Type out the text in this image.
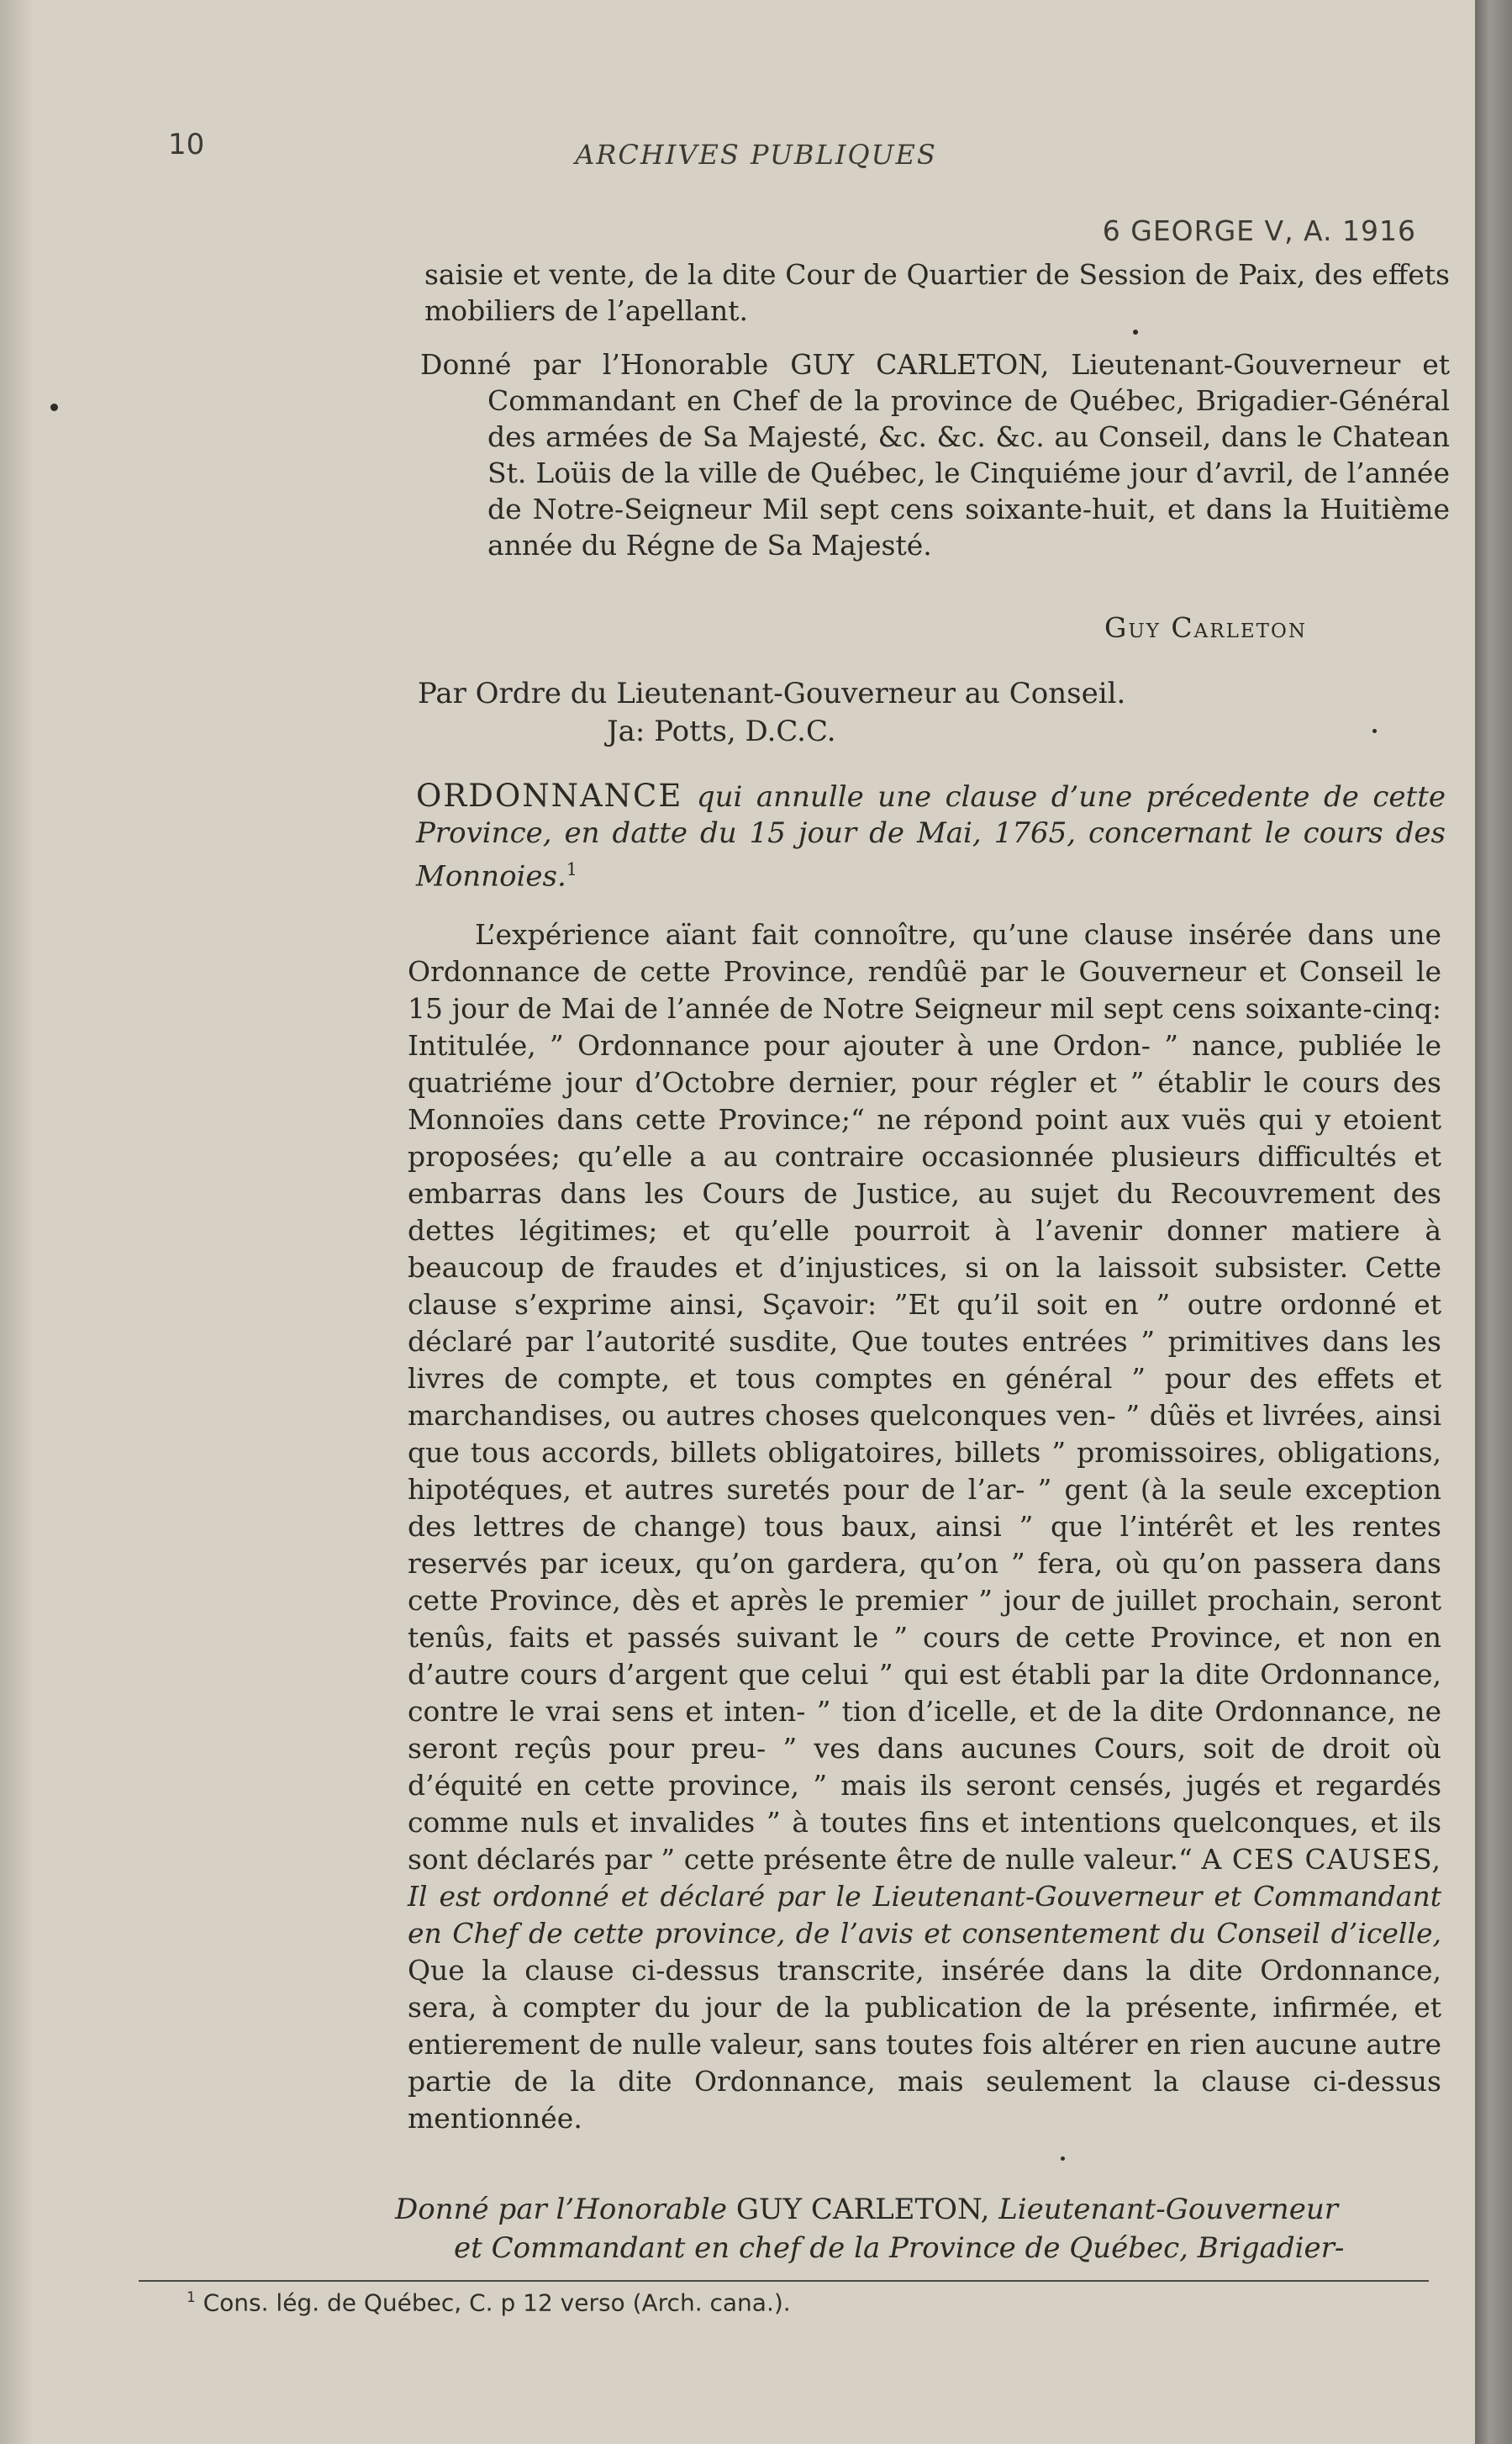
10	ARCHIVES PUBLIQUES
6 GEORGE V, A. 1916

saisie et vente, de la dite Cour de Quartier de Session de Paix, des effets mobiliers de l’apellant.

Donné par l’Honorable GUY CARLETON, Lieutenant-Gouverneur et Commandant en Chef de la province de Québec, Brigadier-Général des armées de Sa Majesté, &c. &c. &c. au Conseil, dans le Chatean St. Loüis de la ville de Québec, le Cinquiéme jour d’avril, de l’année de Notre-Seigneur Mil sept cens soixante-huit, et dans la Huitième année du Régne de Sa Majesté.

Guy Carleton
Par Ordre du Lieutenant-Gouverneur au Conseil.
Ja: Potts, D.C.C.

ORDONNANCE qui annulle une clause d’une précedente de cette Province, en datte du 15 jour de Mai, 1765, concernant le cours des Monnoies.$^1$

L’expérience aïant fait connoître, qu’une clause insérée dans une Ordonnance de cette Province, rendûë par le Gouverneur et Conseil le 15 jour de Mai de l’année de Notre Seigneur mil sept cens soixante-cinq: Intitulée, ” Ordonnance pour ajouter à une Ordon- ” nance, publiée le quatriéme jour d’Octobre dernier, pour régler et ” établir le cours des Monnoïes dans cette Province;“ ne répond point aux vuës qui y etoient proposées; qu’elle a au contraire occasionnée plusieurs difficultés et embarras dans les Cours de Justice, au sujet du Recouvrement des dettes légitimes; et qu’elle pourroit à l’avenir donner matiere à beaucoup de fraudes et d’injustices, si on la laissoit subsister. Cette clause s’exprime ainsi, Sçavoir: ”Et qu’il soit en ” outre ordonné et déclaré par l’autorité susdite, Que toutes entrées ” primitives dans les livres de compte, et tous comptes en général ” pour des effets et marchandises, ou autres choses quelconques ven- ” dûës et livrées, ainsi que tous accords, billets obligatoires, billets ” promissoires, obligations, hipotéques, et autres suretés pour de l’ar- ” gent (à la seule exception des lettres de change) tous baux, ainsi ” que l’intérêt et les rentes reservés par iceux, qu’on gardera, qu’on ” fera, où qu’on passera dans cette Province, dès et après le premier ” jour de juillet prochain, seront tenûs, faits et passés suivant le ” cours de cette Province, et non en d’autre cours d’argent que celui ” qui est établi par la dite Ordonnance, contre le vrai sens et inten- ” tion d’icelle, et de la dite Ordonnance, ne seront reçûs pour preu- ” ves dans aucunes Cours, soit de droit où d’équité en cette province, ” mais ils seront censés, jugés et regardés comme nuls et invalides ” à toutes fins et intentions quelconques, et ils sont déclarés par ” cette présente être de nulle valeur.“ A CES CAUSES, Il est ordonné et déclaré par le Lieutenant-Gouverneur et Commandant en Chef de cette province, de l’avis et consentement du Conseil d’icelle, Que la clause ci-dessus transcrite, insérée dans la dite Ordonnance, sera, à compter du jour de la publication de la présente, infirmée, et entierement de nulle valeur, sans toutes fois altérer en rien aucune autre partie de la dite Ordonnance, mais seulement la clause ci-dessus mentionnée.

Donné par l’Honorable GUY CARLETON, Lieutenant-Gouverneur
et Commandant en chef de la Province de Québec, Brigadier-

$^1$ Cons. lég. de Québec, C. p 12 verso (Arch. cana.).
